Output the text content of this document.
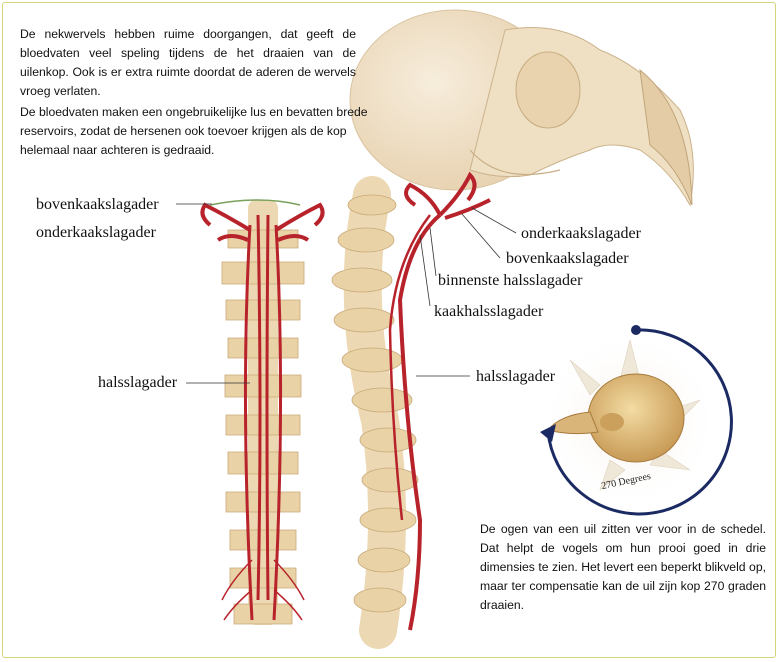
De nekwervels hebben ruime doorgangen, dat geeft de bloedvaten veel speling tijdens de het draaien van de uilenkop. Ook is er extra ruimte doordat de aderen de wervels vroeg verlaten.

De bloedvaten maken een ongebruikelijke lus en bevatten brede reservoirs, zodat de hersenen ook toevoer krijgen als de kop helemaal naar achteren is gedraaid.

bovenkaakslagader
onderkaakslagader
halsslagader
onderkaakslagader
bovenkaakslagader
binnenste halsslagader
kaakhalsslagader
halsslagader
270 Degrees

De ogen van een uil zitten ver voor in de schedel. Dat helpt de vogels om hun prooi goed in drie dimensies te zien. Het levert een beperkt blikveld op, maar ter compensatie kan de uil zijn kop 270 graden draaien.
